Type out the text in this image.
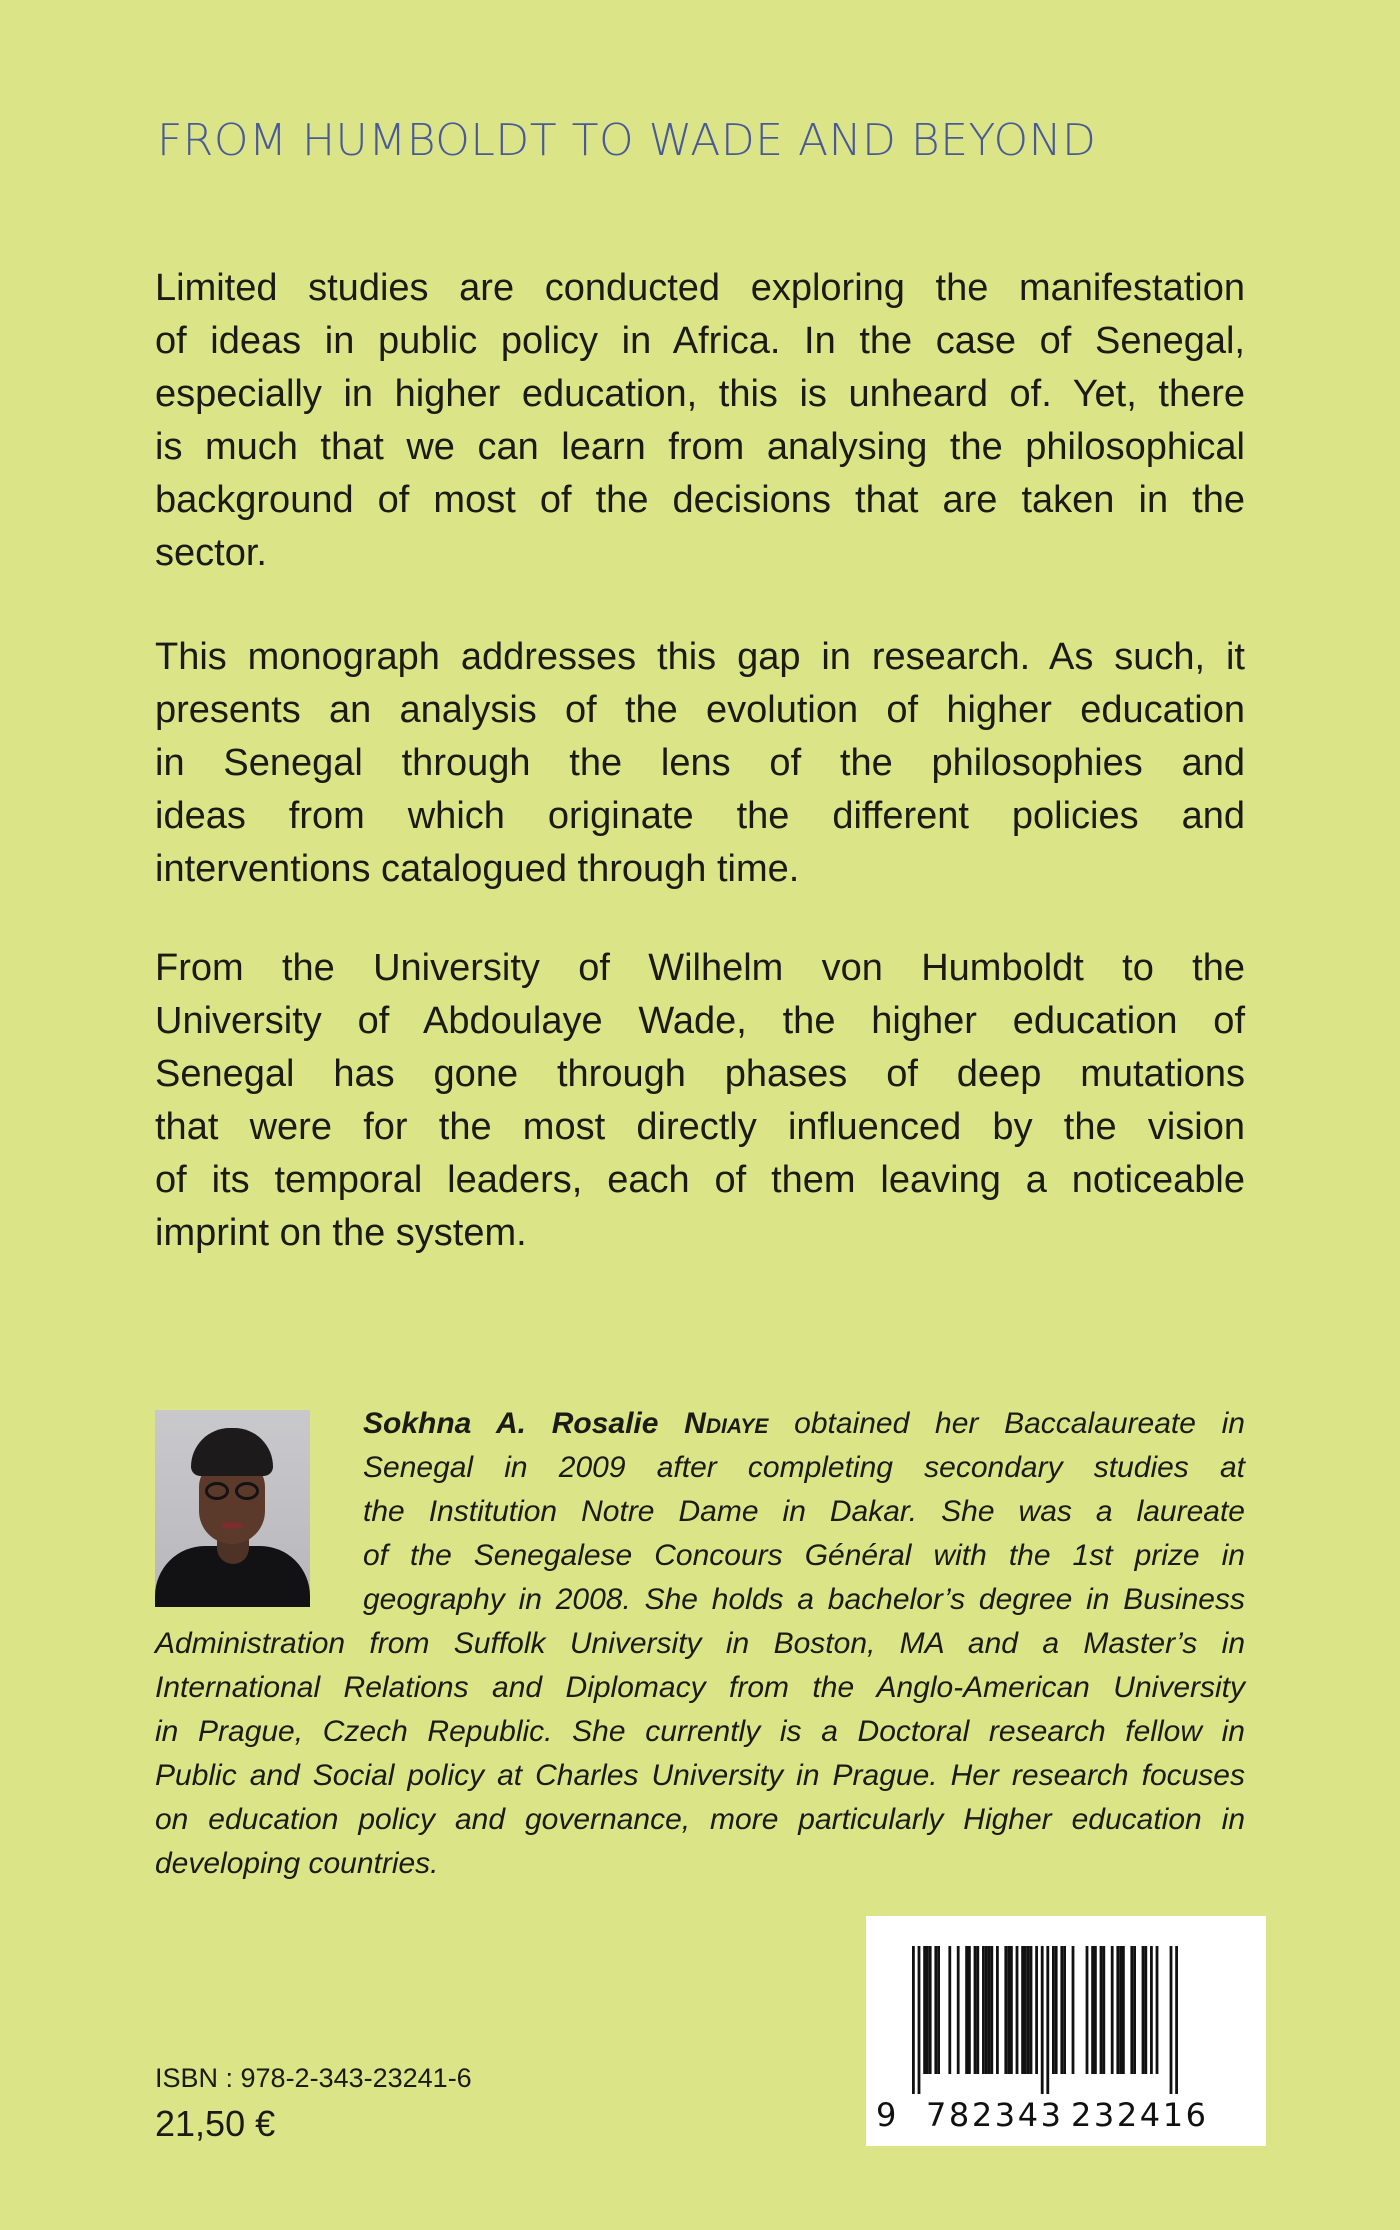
FROM HUMBOLDT TO WADE AND BEYOND
Limited studies are conducted exploring the manifestation
of ideas in public policy in Africa. In the case of Senegal,
especially in higher education, this is unheard of. Yet, there
is much that we can learn from analysing the philosophical
background of most of the decisions that are taken in the
sector.
This monograph addresses this gap in research. As such, it
presents an analysis of the evolution of higher education
in Senegal through the lens of the philosophies and
ideas from which originate the different policies and
interventions catalogued through time.
From the University of Wilhelm von Humboldt to the
University of Abdoulaye Wade, the higher education of
Senegal has gone through phases of deep mutations
that were for the most directly influenced by the vision
of its temporal leaders, each of them leaving a noticeable
imprint on the system.
Sokhna A. Rosalie Ndiaye obtained her Baccalaureate in
Senegal in 2009 after completing secondary studies at
the Institution Notre Dame in Dakar. She was a laureate
of the Senegalese Concours Général with the 1st prize in
geography in 2008. She holds a bachelor’s degree in Business
Administration from Suffolk University in Boston, MA and a Master’s in
International Relations and Diplomacy from the Anglo-American University
in Prague, Czech Republic. She currently is a Doctoral research fellow in
Public and Social policy at Charles University in Prague. Her research focuses
on education policy and governance, more particularly Higher education in
developing countries.
ISBN : 978-2-343-23241-6
21,50 €	9 782343 232416
